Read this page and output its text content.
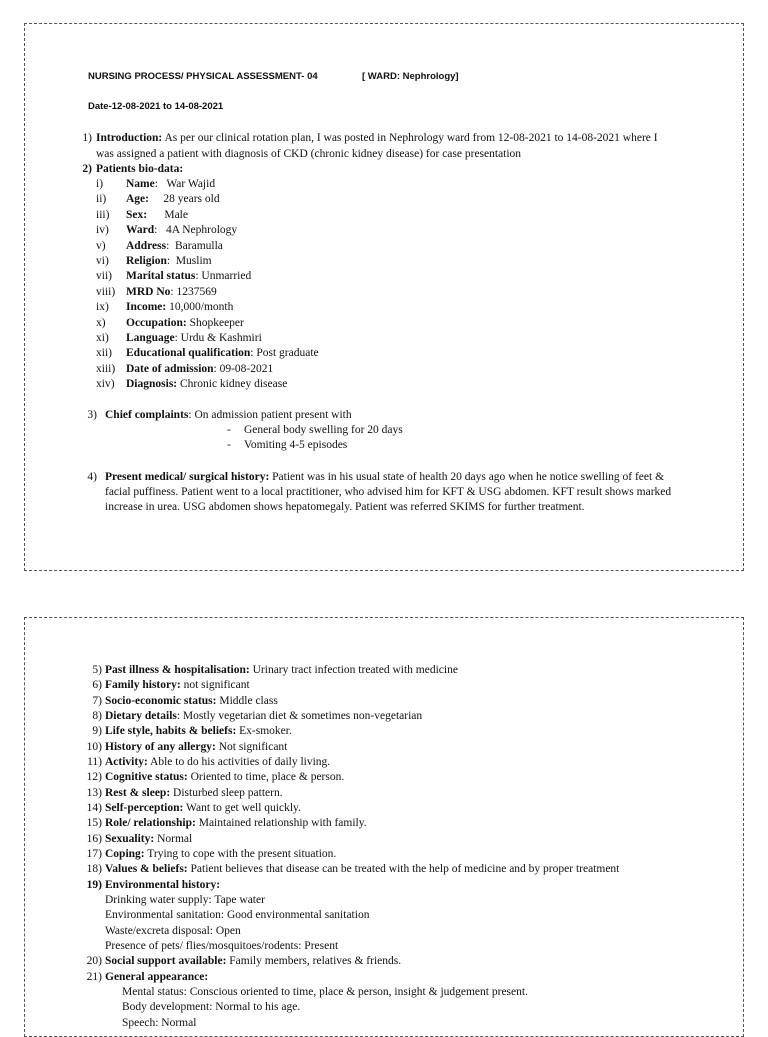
NURSING PROCESS/ PHYSICAL ASSESSMENT- 04	[ WARD: Nephrology]
Date-12-08-2021 to 14-08-2021
1) Introduction: As per our clinical rotation plan, I was posted in Nephrology ward from 12-08-2021 to 14-08-2021 where I
was assigned a patient with diagnosis of CKD (chronic kidney disease) for case presentation
2) Patients bio-data:
i)	Name:   War Wajid
ii)	Age:     28 years old
iii)	Sex:      Male
iv)	Ward:   4A Nephrology
v)	Address:  Baramulla
vi)	Religion:  Muslim
vii)	Marital status: Unmarried
viii) MRD No: 1237569
ix)	Income: 10,000/month
x)	Occupation: Shopkeeper
xi)	Language: Urdu & Kashmiri
xii)	Educational qualification: Post graduate
xiii) Date of admission: 09-08-2021
xiv) Diagnosis: Chronic kidney disease
3) Chief complaints: On admission patient present with
- General body swelling for 20 days
- Vomiting 4-5 episodes
4) Present medical/ surgical history: Patient was in his usual state of health 20 days ago when he notice swelling of feet &
facial puffiness. Patient went to a local practitioner, who advised him for KFT & USG abdomen. KFT result shows marked
increase in urea. USG abdomen shows hepatomegaly. Patient was referred SKIMS for further treatment.
5) Past illness & hospitalisation: Urinary tract infection treated with medicine
6) Family history: not significant
7) Socio-economic status: Middle class
8) Dietary details: Mostly vegetarian diet & sometimes non-vegetarian
9) Life style, habits & beliefs: Ex-smoker.
10) History of any allergy: Not significant
11) Activity: Able to do his activities of daily living.
12) Cognitive status: Oriented to time, place & person.
13) Rest & sleep: Disturbed sleep pattern.
14) Self-perception: Want to get well quickly.
15) Role/ relationship: Maintained relationship with family.
16) Sexuality: Normal
17) Coping: Trying to cope with the present situation.
18) Values & beliefs: Patient believes that disease can be treated with the help of medicine and by proper treatment
19) Environmental history:
Drinking water supply: Tape water
Environmental sanitation: Good environmental sanitation
Waste/excreta disposal: Open
Presence of pets/ flies/mosquitoes/rodents: Present
20) Social support available: Family members, relatives & friends.
21) General appearance:
Mental status: Conscious oriented to time, place & person, insight & judgement present.
Body development: Normal to his age.
Speech: Normal
